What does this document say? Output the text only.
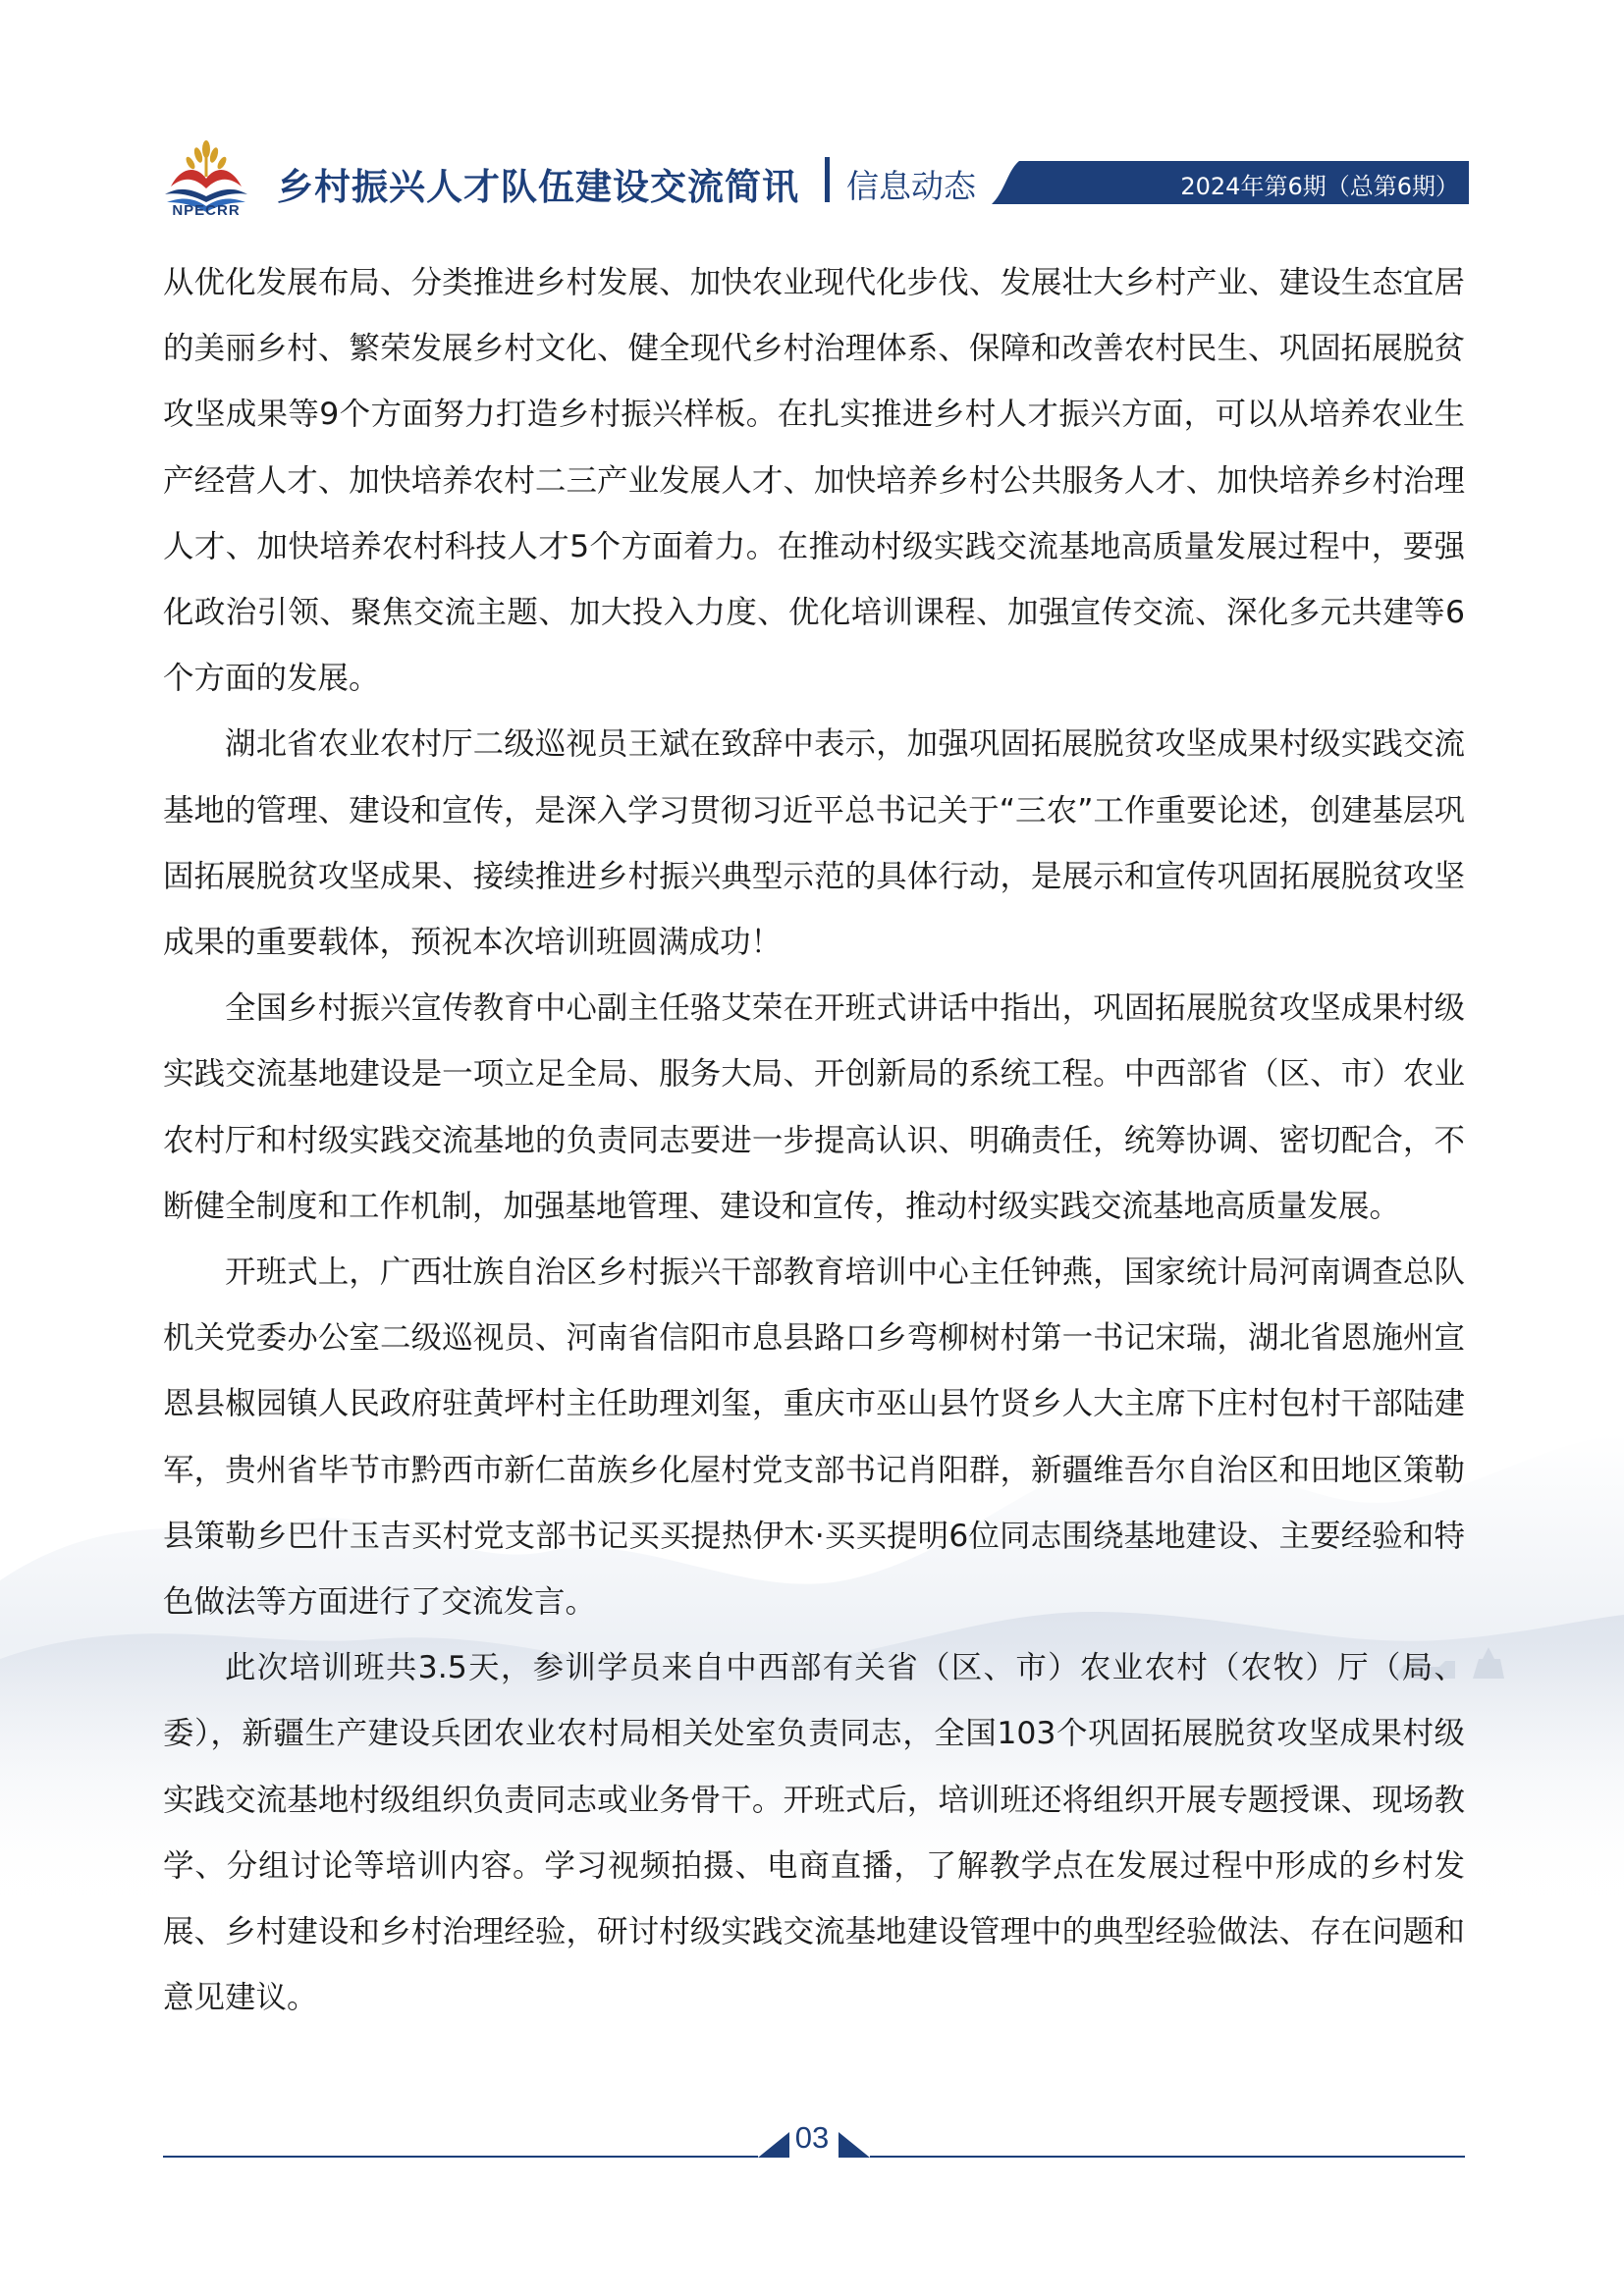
NPECRR
乡村振兴人才队伍建设交流简讯 信息动态	2024年第6期（总第6期）

从优化发展布局、分类推进乡村发展、加快农业现代化步伐、发展壮大乡村产业、建设生态宜居的美丽乡村、繁荣发展乡村文化、健全现代乡村治理体系、保障和改善农村民生、巩固拓展脱贫攻坚成果等9个方面努力打造乡村振兴样板。在扎实推进乡村人才振兴方面，可以从培养农业生产经营人才、加快培养农村二三产业发展人才、加快培养乡村公共服务人才、加快培养乡村治理人才、加快培养农村科技人才5个方面着力。在推动村级实践交流基地高质量发展过程中，要强化政治引领、聚焦交流主题、加大投入力度、优化培训课程、加强宣传交流、深化多元共建等6个方面的发展。

湖北省农业农村厅二级巡视员王斌在致辞中表示，加强巩固拓展脱贫攻坚成果村级实践交流基地的管理、建设和宣传，是深入学习贯彻习近平总书记关于“三农”工作重要论述，创建基层巩固拓展脱贫攻坚成果、接续推进乡村振兴典型示范的具体行动，是展示和宣传巩固拓展脱贫攻坚成果的重要载体，预祝本次培训班圆满成功！

全国乡村振兴宣传教育中心副主任骆艾荣在开班式讲话中指出，巩固拓展脱贫攻坚成果村级实践交流基地建设是一项立足全局、服务大局、开创新局的系统工程。中西部省（区、市）农业农村厅和村级实践交流基地的负责同志要进一步提高认识、明确责任，统筹协调、密切配合，不断健全制度和工作机制，加强基地管理、建设和宣传，推动村级实践交流基地高质量发展。

开班式上，广西壮族自治区乡村振兴干部教育培训中心主任钟燕，国家统计局河南调查总队机关党委办公室二级巡视员、河南省信阳市息县路口乡弯柳树村第一书记宋瑞，湖北省恩施州宣恩县椒园镇人民政府驻黄坪村主任助理刘玺，重庆市巫山县竹贤乡人大主席下庄村包村干部陆建军，贵州省毕节市黔西市新仁苗族乡化屋村党支部书记肖阳群，新疆维吾尔自治区和田地区策勒县策勒乡巴什玉吉买村党支部书记买买提热伊木·买买提明6位同志围绕基地建设、主要经验和特色做法等方面进行了交流发言。

此次培训班共3.5天，参训学员来自中西部有关省（区、市）农业农村（农牧）厅（局、委），新疆生产建设兵团农业农村局相关处室负责同志，全国103个巩固拓展脱贫攻坚成果村级实践交流基地村级组织负责同志或业务骨干。开班式后，培训班还将组织开展专题授课、现场教学、分组讨论等培训内容。学习视频拍摄、电商直播，了解教学点在发展过程中形成的乡村发展、乡村建设和乡村治理经验，研讨村级实践交流基地建设管理中的典型经验做法、存在问题和意见建议。

03
